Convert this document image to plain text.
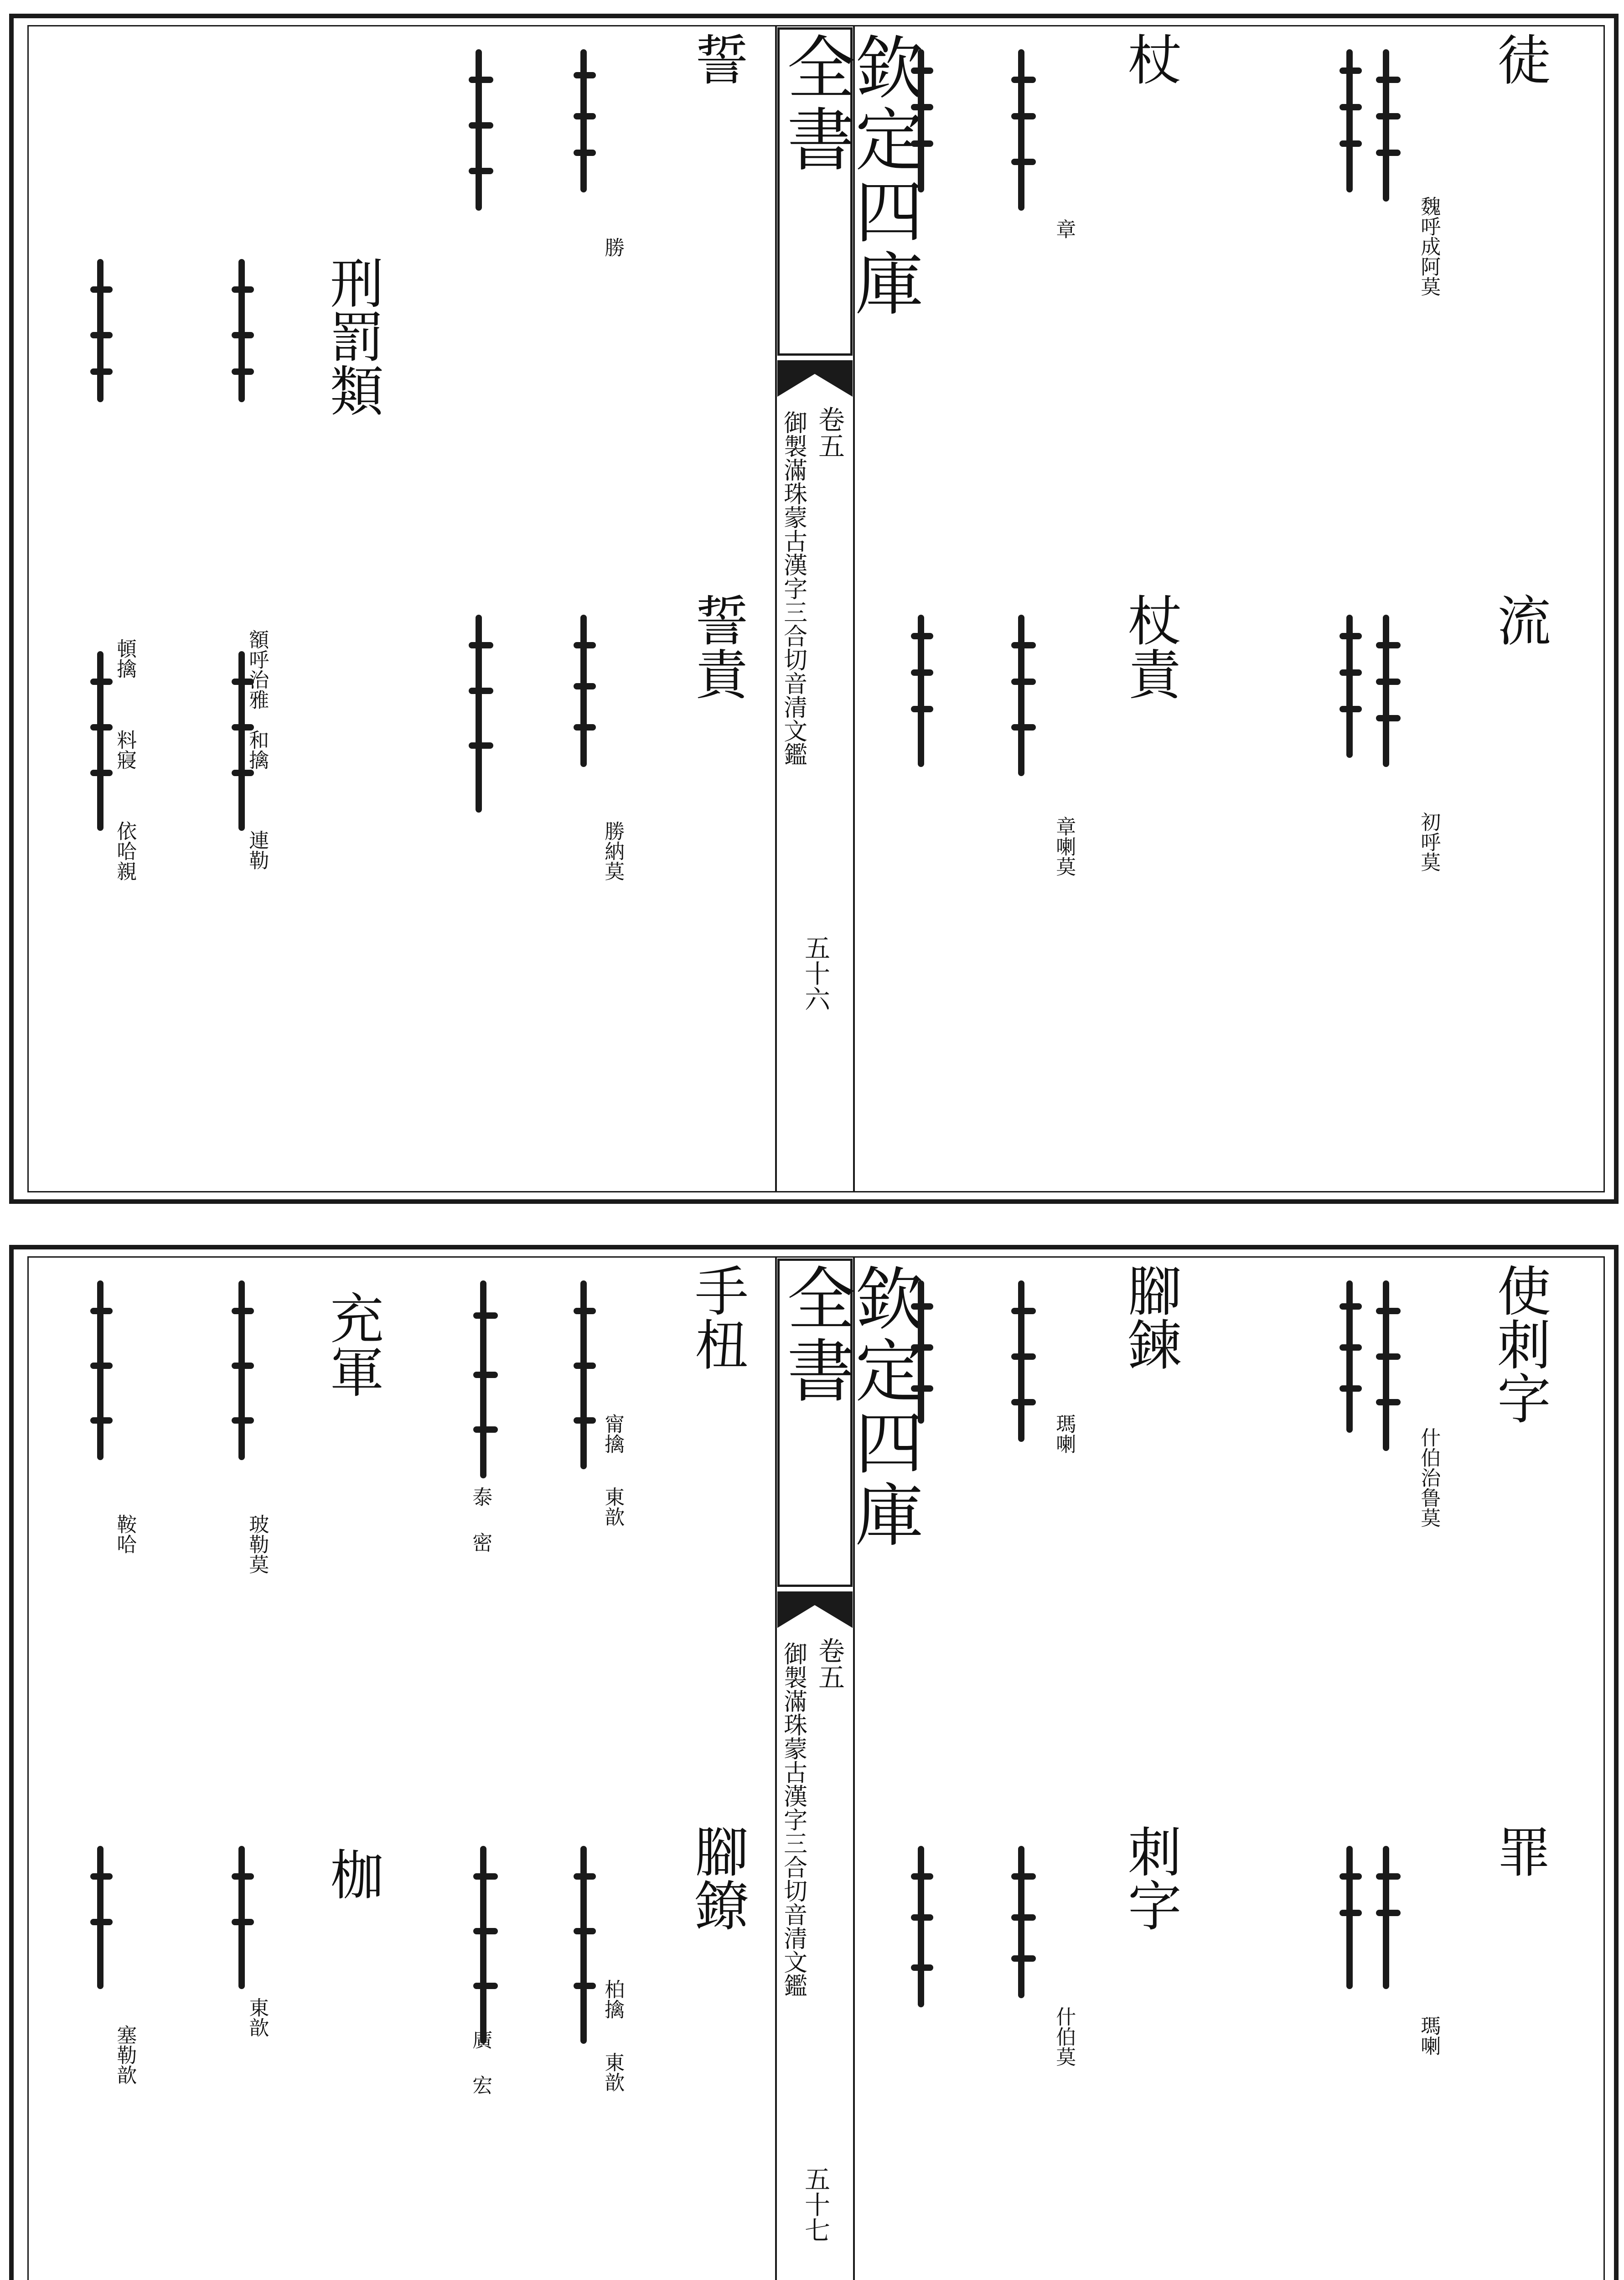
欽定四庫全書
卷五
御製滿珠蒙古漢字三合切音清文鑑
五十六
徒
流
杖
杖責
魏呼成阿莫
初呼莫
章
章喇莫
誓
誓責
刑罰類
勝
勝納莫
額呼治雅
和擒
連勒
頓擒
料寢
依哈親
欽定四庫全書
卷五
御製滿珠蒙古漢字三合切音清文鑑
五十七
使刺字
罪
腳鍊
刺字
什伯治鲁莫
瑪喇
瑪喇
什伯莫
手杻
腳鐐
充軍
枷
甯擒
東歆
柏擒
東歆
泰
密
廣
宏
鞍哈	玻勒莫
東歆
塞勒歆
